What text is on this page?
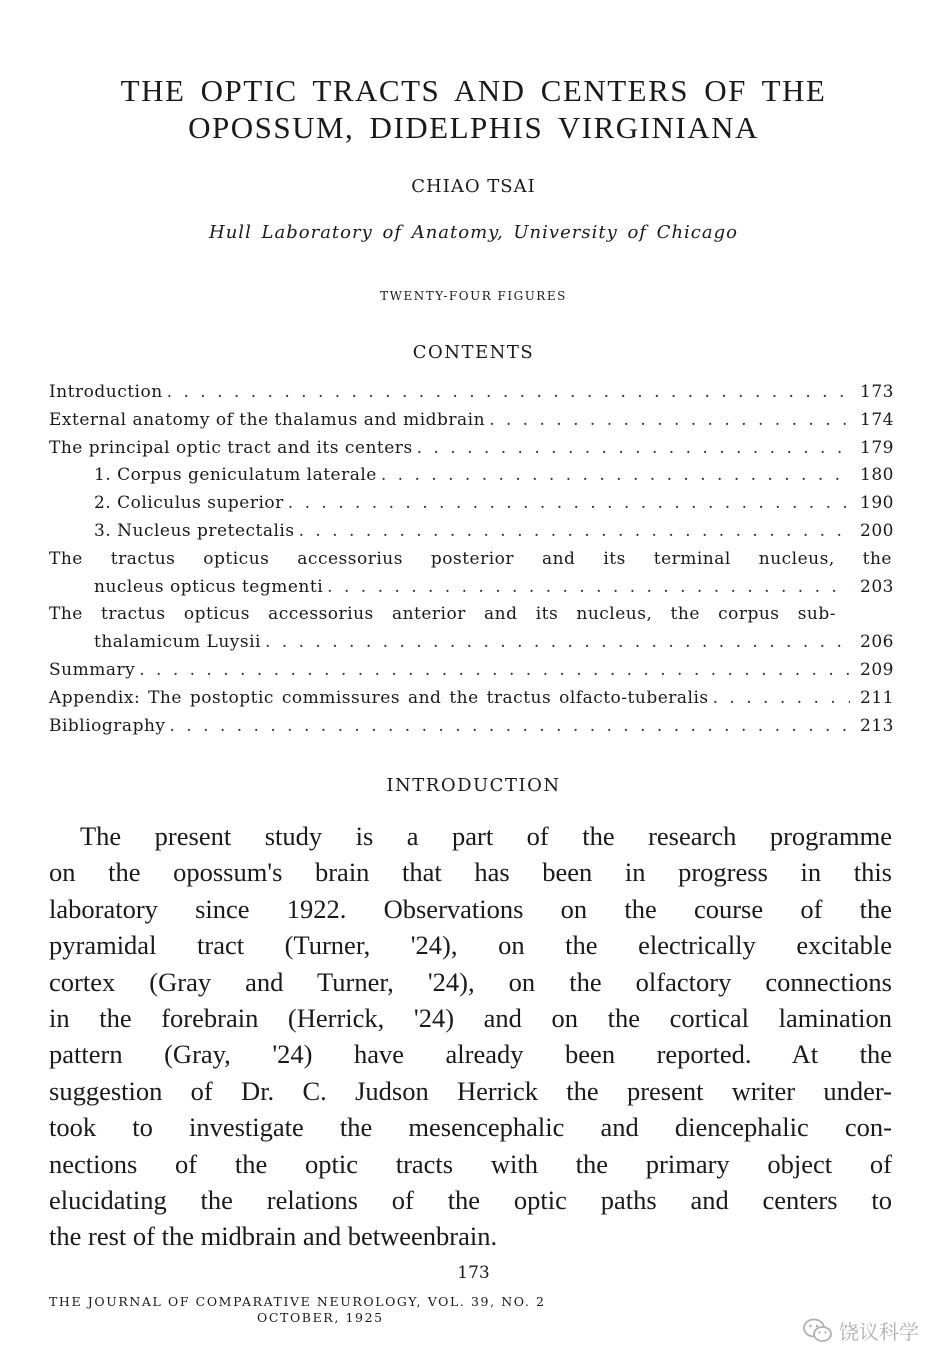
THE OPTIC TRACTS AND CENTERS OF THE
OPOSSUM, DIDELPHIS VIRGINIANA
CHIAO TSAI
Hull Laboratory of Anatomy, University of Chicago
TWENTY-FOUR FIGURES
CONTENTS
Introduction . . .	173
External anatomy of the thalamus and midbrain . . .	174
The principal optic tract and its centers . . .	179
1. Corpus geniculatum laterale . . .	180
2. Coliculus superior . . .	190
3. Nucleus pretectalis . . .	200
The tractus opticus accessorius posterior and its terminal nucleus, the
nucleus opticus tegmenti . . .	203
The tractus opticus accessorius anterior and its nucleus, the corpus sub-
thalamicum Luysii . . .	206
Summary . . .	209
Appendix: The postoptic commissures and the tractus olfacto-tuberalis . . .	211
Bibliography . . .	213
INTRODUCTION
The present study is a part of the research programme
on the opossum's brain that has been in progress in this
laboratory since 1922. Observations on the course of the
pyramidal tract (Turner, '24), on the electrically excitable
cortex (Gray and Turner, '24), on the olfactory connections
in the forebrain (Herrick, '24) and on the cortical lamination
pattern (Gray, '24) have already been reported. At the
suggestion of Dr. C. Judson Herrick the present writer under-
took to investigate the mesencephalic and diencephalic con-
nections of the optic tracts with the primary object of
elucidating the relations of the optic paths and centers to
the rest of the midbrain and betweenbrain.
173
THE JOURNAL OF COMPARATIVE NEUROLOGY, VOL. 39, NO. 2
OCTOBER, 1925
饶议科学
